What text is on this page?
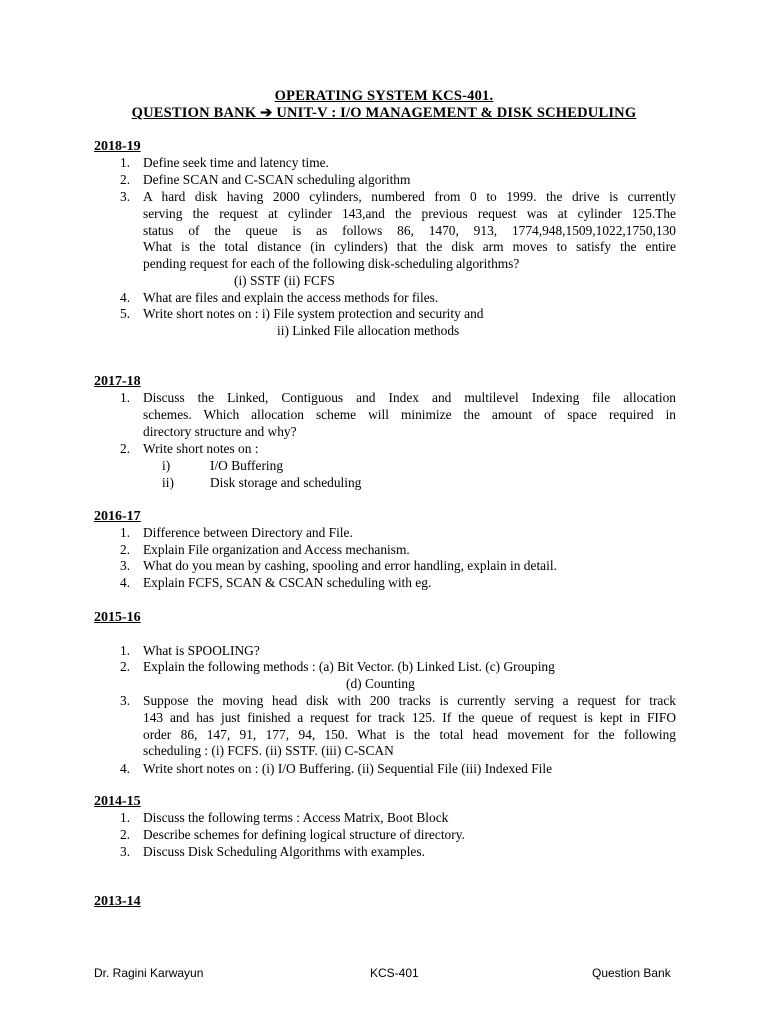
OPERATING SYSTEM KCS-401.
QUESTION BANK ➔ UNIT-V : I/O MANAGEMENT & DISK SCHEDULING
2018-19
1. Define seek time and latency time.
2. Define SCAN and C-SCAN scheduling algorithm
3. A hard disk having 2000 cylinders, numbered from 0 to 1999. the drive is currently
serving the request at cylinder 143,and the previous request was at cylinder 125.The
status of the queue is as follows 86, 1470, 913, 1774,948,1509,1022,1750,130
What is the total distance (in cylinders) that the disk arm moves to satisfy the entire
pending request for each of the following disk-scheduling algorithms?
(i) SSTF (ii) FCFS
4. What are files and explain the access methods for files.
5. Write short notes on : i) File system protection and security and
ii) Linked File allocation methods
2017-18
1. Discuss the Linked, Contiguous and Index and multilevel Indexing file allocation
schemes. Which allocation scheme will minimize the amount of space required in
directory structure and why?
2. Write short notes on :
i)	I/O Buffering
ii)	Disk storage and scheduling
2016-17
1. Difference between Directory and File.
2. Explain File organization and Access mechanism.
3. What do you mean by cashing, spooling and error handling, explain in detail.
4. Explain FCFS, SCAN & CSCAN scheduling with eg.
2015-16
1. What is SPOOLING?
2. Explain the following methods : (a) Bit Vector. (b) Linked List. (c) Grouping
(d) Counting
3. Suppose the moving head disk with 200 tracks is currently serving a request for track
143 and has just finished a request for track 125. If the queue of request is kept in FIFO
order 86, 147, 91, 177, 94, 150. What is the total head movement for the following
scheduling : (i) FCFS. (ii) SSTF. (iii) C-SCAN
4. Write short notes on : (i) I/O Buffering. (ii) Sequential File (iii) Indexed File
2014-15
1. Discuss the following terms : Access Matrix, Boot Block
2. Describe schemes for defining logical structure of directory.
3. Discuss Disk Scheduling Algorithms with examples.
2013-14
Dr. Ragini Karwayun	KCS-401	Question Bank
